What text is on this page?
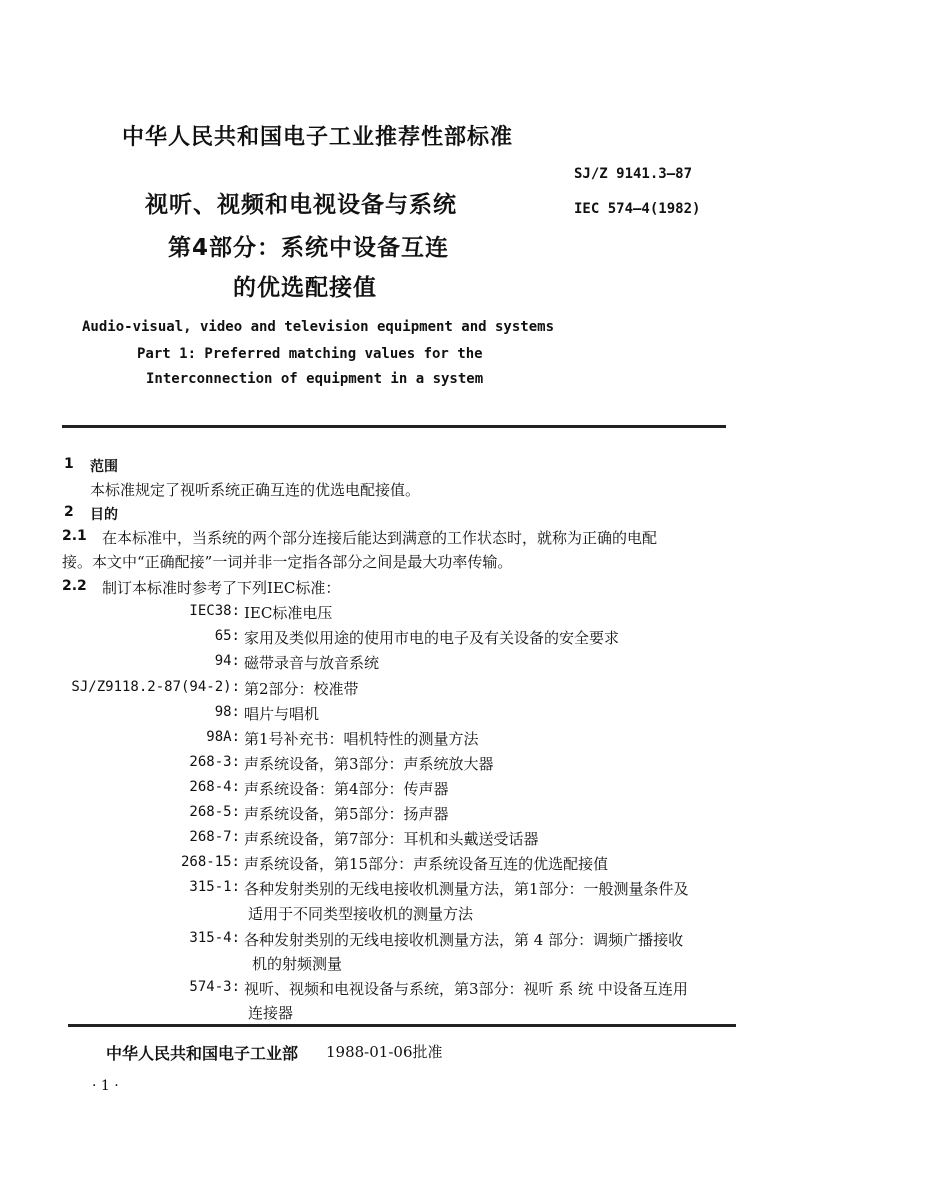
中华人民共和国电子工业推荐性部标准
SJ/Z 9141.3—87
IEC 574—4(1982)
视听、视频和电视设备与系统
第4部分：系统中设备互连
的优选配接值
Audio-visual, video and television equipment and systems
Part 1: Preferred matching values for the
Interconnection of equipment in a system
1 范围
本标准规定了视听系统正确互连的优选电配接值。
2 目的
2.1 在本标准中，当系统的两个部分连接后能达到满意的工作状态时，就称为正确的电配
接。本文中“正确配接”一词并非一定指各部分之间是最大功率传输。
2.2 制订本标准时参考了下列IEC标准：
IEC38: IEC标准电压
65: 家用及类似用途的使用市电的电子及有关设备的安全要求
94: 磁带录音与放音系统
SJ/Z9118.2-87(94-2): 第2部分：校准带
98: 唱片与唱机
98A: 第1号补充书：唱机特性的测量方法
268-3: 声系统设备，第3部分：声系统放大器
268-4: 声系统设备：第4部分：传声器
268-5: 声系统设备，第5部分：扬声器
268-7: 声系统设备，第7部分：耳机和头戴送受话器
268-15: 声系统设备，第15部分：声系统设备互连的优选配接值
315-1: 各种发射类别的无线电接收机测量方法，第1部分：一般测量条件及
适用于不同类型接收机的测量方法
315-4: 各种发射类别的无线电接收机测量方法，第 4 部分：调频广播接收
机的射频测量
574-3: 视听、视频和电视设备与系统，第3部分：视听 系 统 中设备互连用
连接器
中华人民共和国电子工业部 1988-01-06批准
· 1 ·
